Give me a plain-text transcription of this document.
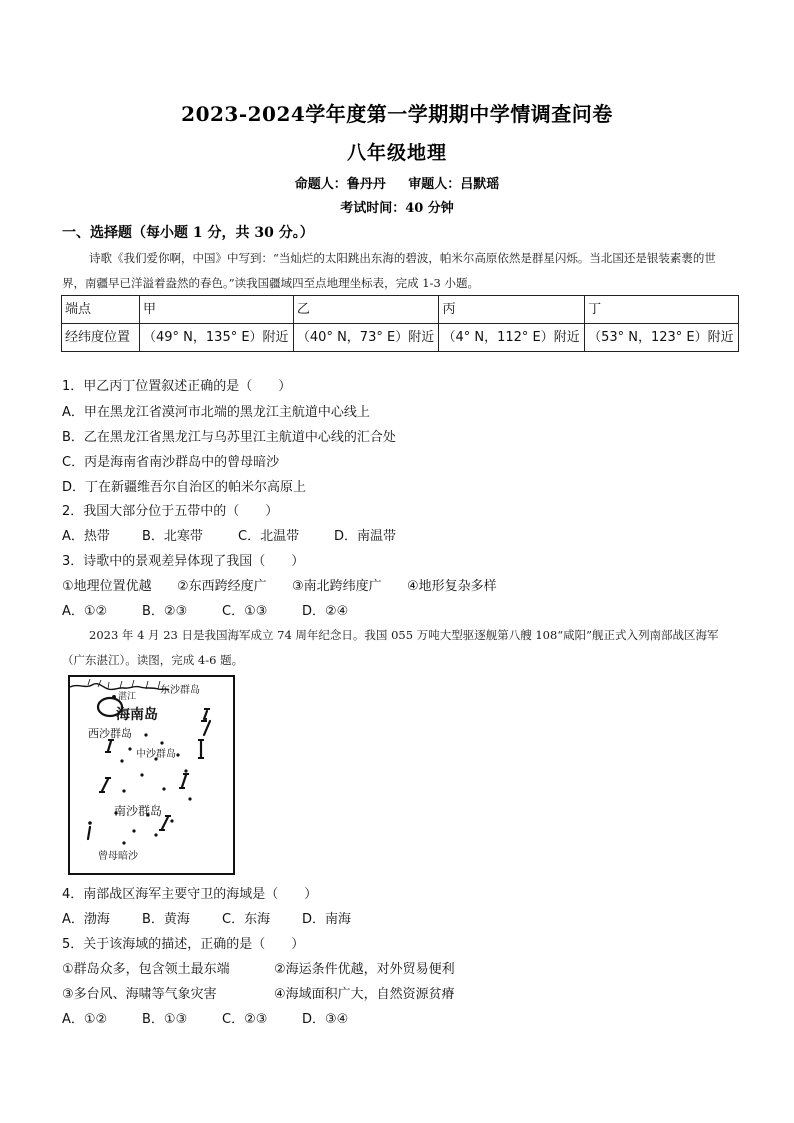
2023-2024学年度第一学期期中学情调查问卷
八年级地理
命题人：鲁丹丹 审题人：吕默瑶
考试时间：40 分钟
一、选择题（每小题 1 分，共 30 分。）
诗歌《我们爱你啊，中国》中写到：“当灿烂的太阳跳出东海的碧波，帕米尔高原依然是群星闪烁。当北国还是银装素裹的世界，南疆早已洋溢着盎然的春色。”读我国疆域四至点地理坐标表，完成 1-3 小题。
端点	甲	乙	丙	丁
经纬度位置	（49° N，135° E）附近	（40° N，73° E）附近	（4° N，112° E）附近	（53° N，123° E）附近
1．甲乙丙丁位置叙述正确的是（　　）
A．甲在黑龙江省漠河市北端的黑龙江主航道中心线上
B．乙在黑龙江省黑龙江与乌苏里江主航道中心线的汇合处
C．丙是海南省南沙群岛中的曾母暗沙
D．丁在新疆维吾尔自治区的帕米尔高原上
2．我国大部分位于五带中的（　　）
A．热带	B．北寒带	C．北温带	D．南温带
3．诗歌中的景观差异体现了我国（　　）
①地理位置优越	②东西跨经度广	③南北跨纬度广	④地形复杂多样
A．①②	B．②③	C．①③	D．②④
2023 年 4 月 23 日是我国海军成立 74 周年纪念日。我国 055 万吨大型驱逐舰第八艘 108“咸阳”舰正式入列南部战区海军（广东湛江）。读图，完成 4-6 题。
湛江
海南岛
东沙群岛
西沙群岛
中沙群岛
南沙群岛
曾母暗沙
4．南部战区海军主要守卫的海域是（　　）
A．渤海	B．黄海	C．东海	D．南海
5．关于该海域的描述，正确的是（　　）
①群岛众多，包含领土最东端	②海运条件优越，对外贸易便利
③多台风、海啸等气象灾害	④海域面积广大，自然资源贫瘠
A．①②	B．①③	C．②③	D．③④
